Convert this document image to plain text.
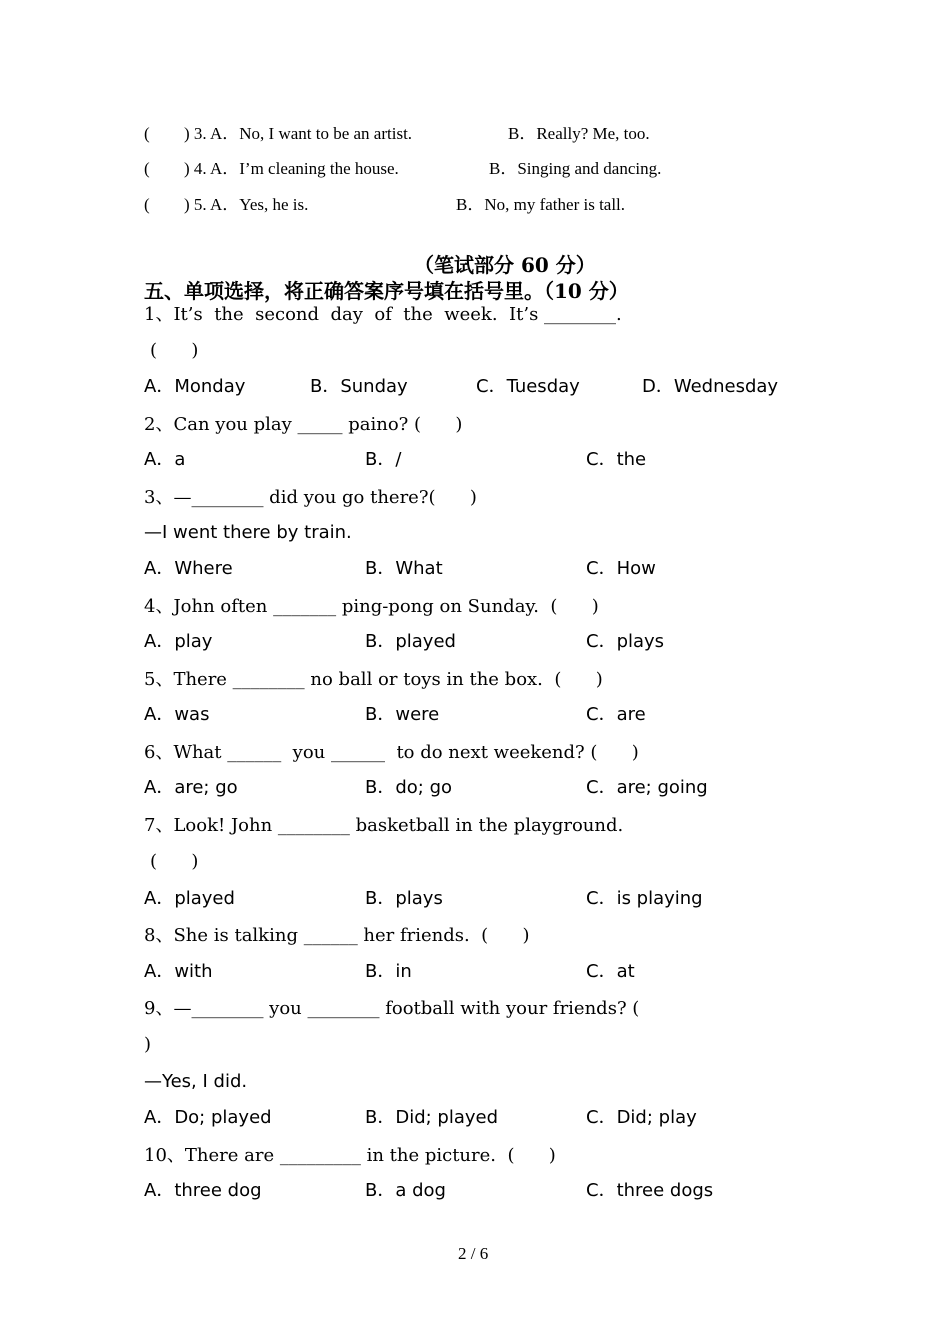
( ) 3. A．No, I want to be an artist.	B．Really? Me, too.
( ) 4. A．I’m cleaning the house.	B．Singing and dancing.
( ) 5. A．Yes, he is.	B．No, my father is tall.
（笔试部分 60 分）
五、单项选择，将正确答案序号填在括号里。（10 分）
1、It’s  the  second  day  of  the  week.  It’s ________.
(      )
A．Monday	B．Sunday	C．Tuesday	D．Wednesday
2、Can you play _____ paino? (      )
A．a	B．/	C．the
3、—________ did you go there?(      )
—I went there by train.
A．Where	B．What	C．How
4、John often _______ ping-pong on Sunday.  (      )
A．play	B．played	C．plays
5、There ________ no ball or toys in the box.  (      )
A．was	B．were	C．are
6、What ______  you ______  to do next weekend? (      )
A．are; go	B．do; go	C．are; going
7、Look! John ________ basketball in the playground.
(      )
A．played	B．plays	C．is playing
8、She is talking ______ her friends.  (      )
A．with	B．in	C．at
9、—________ you ________ football with your friends? (
)
—Yes, I did.
A．Do; played	B．Did; played	C．Did; play
10、There are _________ in the picture.  (      )
A．three dog	B．a dog	C．three dogs
2 / 6
